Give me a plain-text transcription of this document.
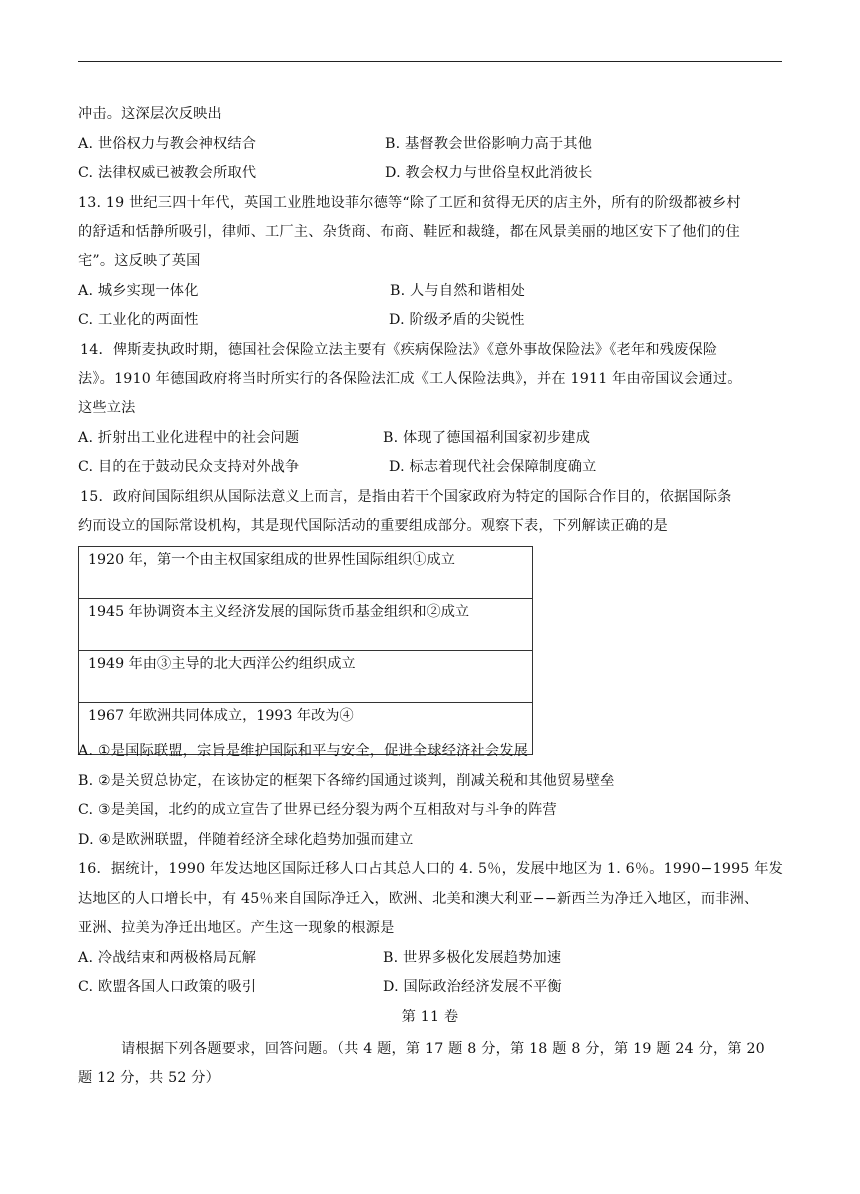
冲击。这深层次反映出
A. 世俗权力与教会神权结合	B. 基督教会世俗影响力高于其他
C. 法律权威已被教会所取代	D. 教会权力与世俗皇权此消彼长
13. 19 世纪三四十年代，英国工业胜地设菲尔德等“除了工匠和贫得无厌的店主外，所有的阶级都被乡村
的舒适和恬静所吸引，律师、工厂主、杂货商、布商、鞋匠和裁缝，都在风景美丽的地区安下了他们的住
宅”。这反映了英国
A. 城乡实现一体化	B. 人与自然和谐相处
C. 工业化的两面性	D. 阶级矛盾的尖锐性
14．俾斯麦执政时期，德国社会保险立法主要有《疾病保险法》《意外事故保险法》《老年和残废保险
法》。1910 年德国政府将当时所实行的各保险法汇成《工人保险法典》，并在 1911 年由帝国议会通过。
这些立法
A. 折射出工业化进程中的社会问题	B. 体现了德国福利国家初步建成
C. 目的在于鼓动民众支持对外战争	D. 标志着现代社会保障制度确立
15．政府间国际组织从国际法意义上而言，是指由若干个国家政府为特定的国际合作目的，依据国际条
约而设立的国际常设机构，其是现代国际活动的重要组成部分。观察下表，下列解读正确的是
1920 年，第一个由主权国家组成的世界性国际组织①成立
1945 年协调资本主义经济发展的国际货币基金组织和②成立
1949 年由③主导的北大西洋公约组织成立
1967 年欧洲共同体成立，1993 年改为④
A. ①是国际联盟，宗旨是维护国际和平与安全，促进全球经济社会发展
B. ②是关贸总协定，在该协定的框架下各缔约国通过谈判，削减关税和其他贸易壁垒
C. ③是美国，北约的成立宣告了世界已经分裂为两个互相敌对与斗争的阵营
D. ④是欧洲联盟，伴随着经济全球化趋势加强而建立
16．据统计，1990 年发达地区国际迁移人口占其总人口的 4. 5％，发展中地区为 1. 6％。1990−1995 年发
达地区的人口增长中，有 45％来自国际净迁入，欧洲、北美和澳大利亚−−新西兰为净迁入地区，而非洲、
亚洲、拉美为净迁出地区。产生这一现象的根源是
A. 冷战结束和两极格局瓦解	B. 世界多极化发展趋势加速
C. 欧盟各国人口政策的吸引	D. 国际政治经济发展不平衡
第 11 卷
请根据下列各题要求，回答问题。（共 4 题，第 17 题 8 分，第 18 题 8 分，第 19 题 24 分，第 20
题 12 分，共 52 分）
